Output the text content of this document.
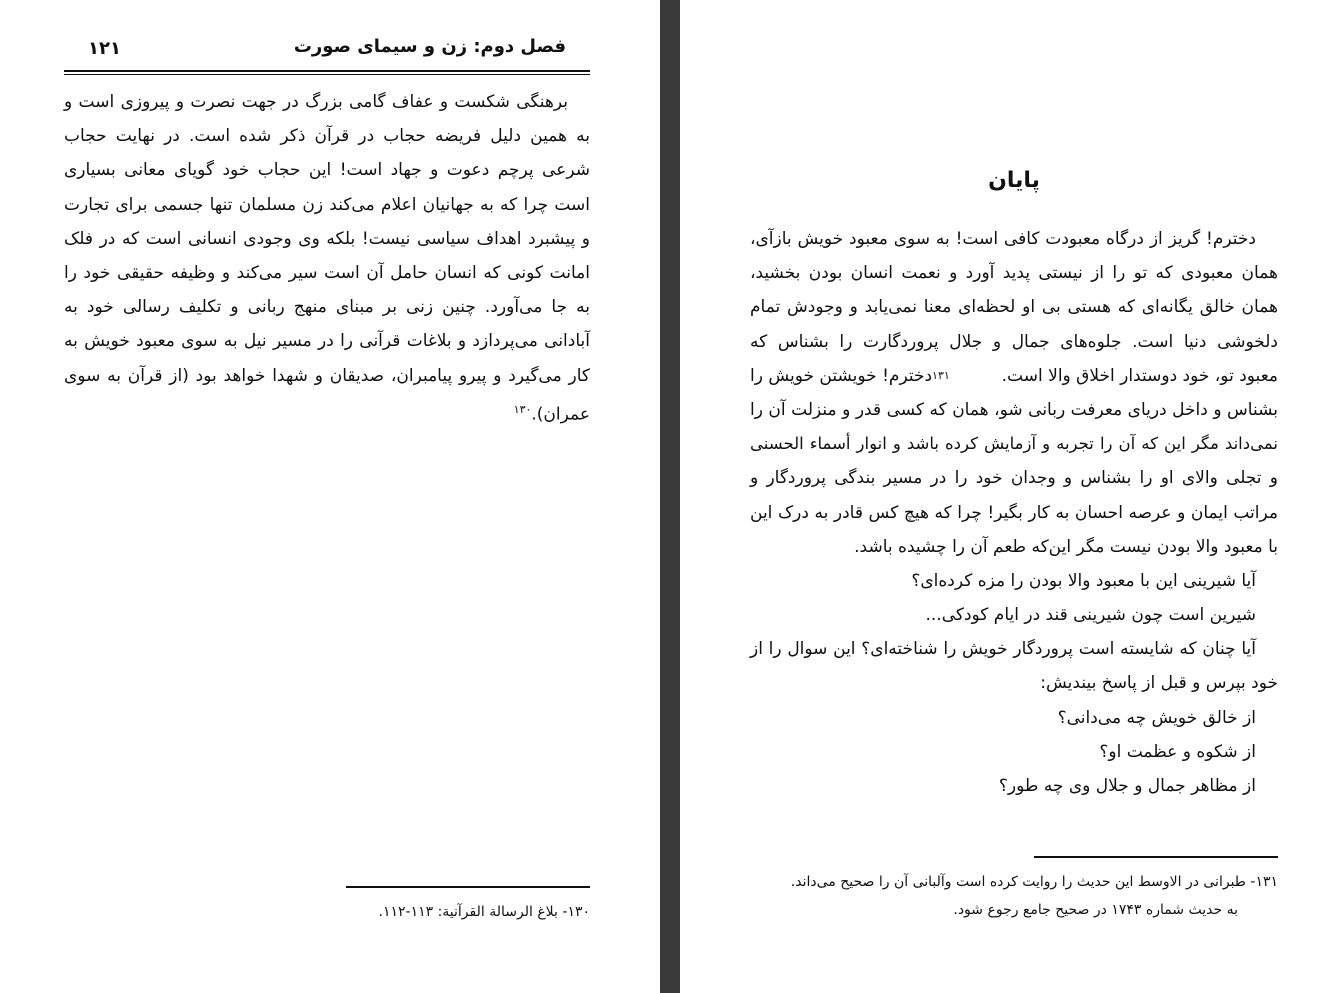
فصل دوم: زن و سیمای صورت
۱۲۱
برهنگی شکست و عفاف گامی بزرگ در جهت نصرت و پیروزی است و
به همین دلیل فریضه حجاب در قرآن ذکر شده است. در نهایت حجاب
شرعی پرچم دعوت و جهاد است! این حجاب خود گویای معانی بسیاری
است چرا که به جهانیان اعلام می‌کند زن مسلمان تنها جسمی برای تجارت
و پیشبرد اهداف سیاسی نیست! بلکه وی وجودی انسانی است که در فلک
امانت کونی که انسان حامل آن است سیر می‌کند و وظیفه حقیقی خود را
به جا می‌آورد. چنین زنی بر مبنای منهج ربانی و تکلیف رسالی خود به
آبادانی می‌پردازد و بلاغات قرآنی را در مسیر نیل به سوی معبود خویش به
کار می‌گیرد و پیرو پیامبران، صدیقان و شهدا خواهد بود (از قرآن به سوی
عمران).$^{۱۳۰}$
۱۳۰- بلاغ الرسالة القرآنية: ۱۱۳-۱۱۲.
پایان
دخترم! گریز از درگاه معبودت کافی است! به سوی معبود خویش بازآی،
همان معبودی که تو را از نیستی پدید آورد و نعمت انسان بودن بخشید،
همان خالق یگانه‌ای که هستی بی او لحظه‌ای معنا نمی‌یابد و وجودش تمام
دلخوشی دنیا است. جلوه‌های جمال و جلال پروردگارت را بشناس که
معبود تو، خود دوستدار اخلاق والا است.
۱۳۱
دخترم! خویشتن خویش را
بشناس و داخل دریای معرفت ربانی شو، همان که کسی قدر و منزلت آن را
نمی‌داند مگر این که آن را تجربه و آزمایش کرده باشد و انوار أسماء الحسنی
و تجلی والای او را بشناس و وجدان خود را در مسیر بندگی پروردگار و
مراتب ایمان و عرصه احسان به کار بگیر! چرا که هیچ کس قادر به درک این
با معبود والا بودن نیست مگر این‌که طعم آن را چشیده باشد.
آیا شیرینی این با معبود والا بودن را مزه کرده‌ای؟
شیرین است چون شیرینی قند در ایام کودکی...
آیا چنان که شایسته است پروردگار خویش را شناخته‌ای؟ این سوال را از
خود بپرس و قبل از پاسخ بیندیش:
از خالق خویش چه می‌دانی؟
از شکوه و عظمت او؟
از مظاهر جمال و جلال وی چه طور؟
۱۳۱- طبرانی در الاوسط این حدیث را روایت کرده است وآلبانی آن را صحیح می‌داند.
به حدیث شماره ۱۷۴۳ در صحیح جامع رجوع شود.
